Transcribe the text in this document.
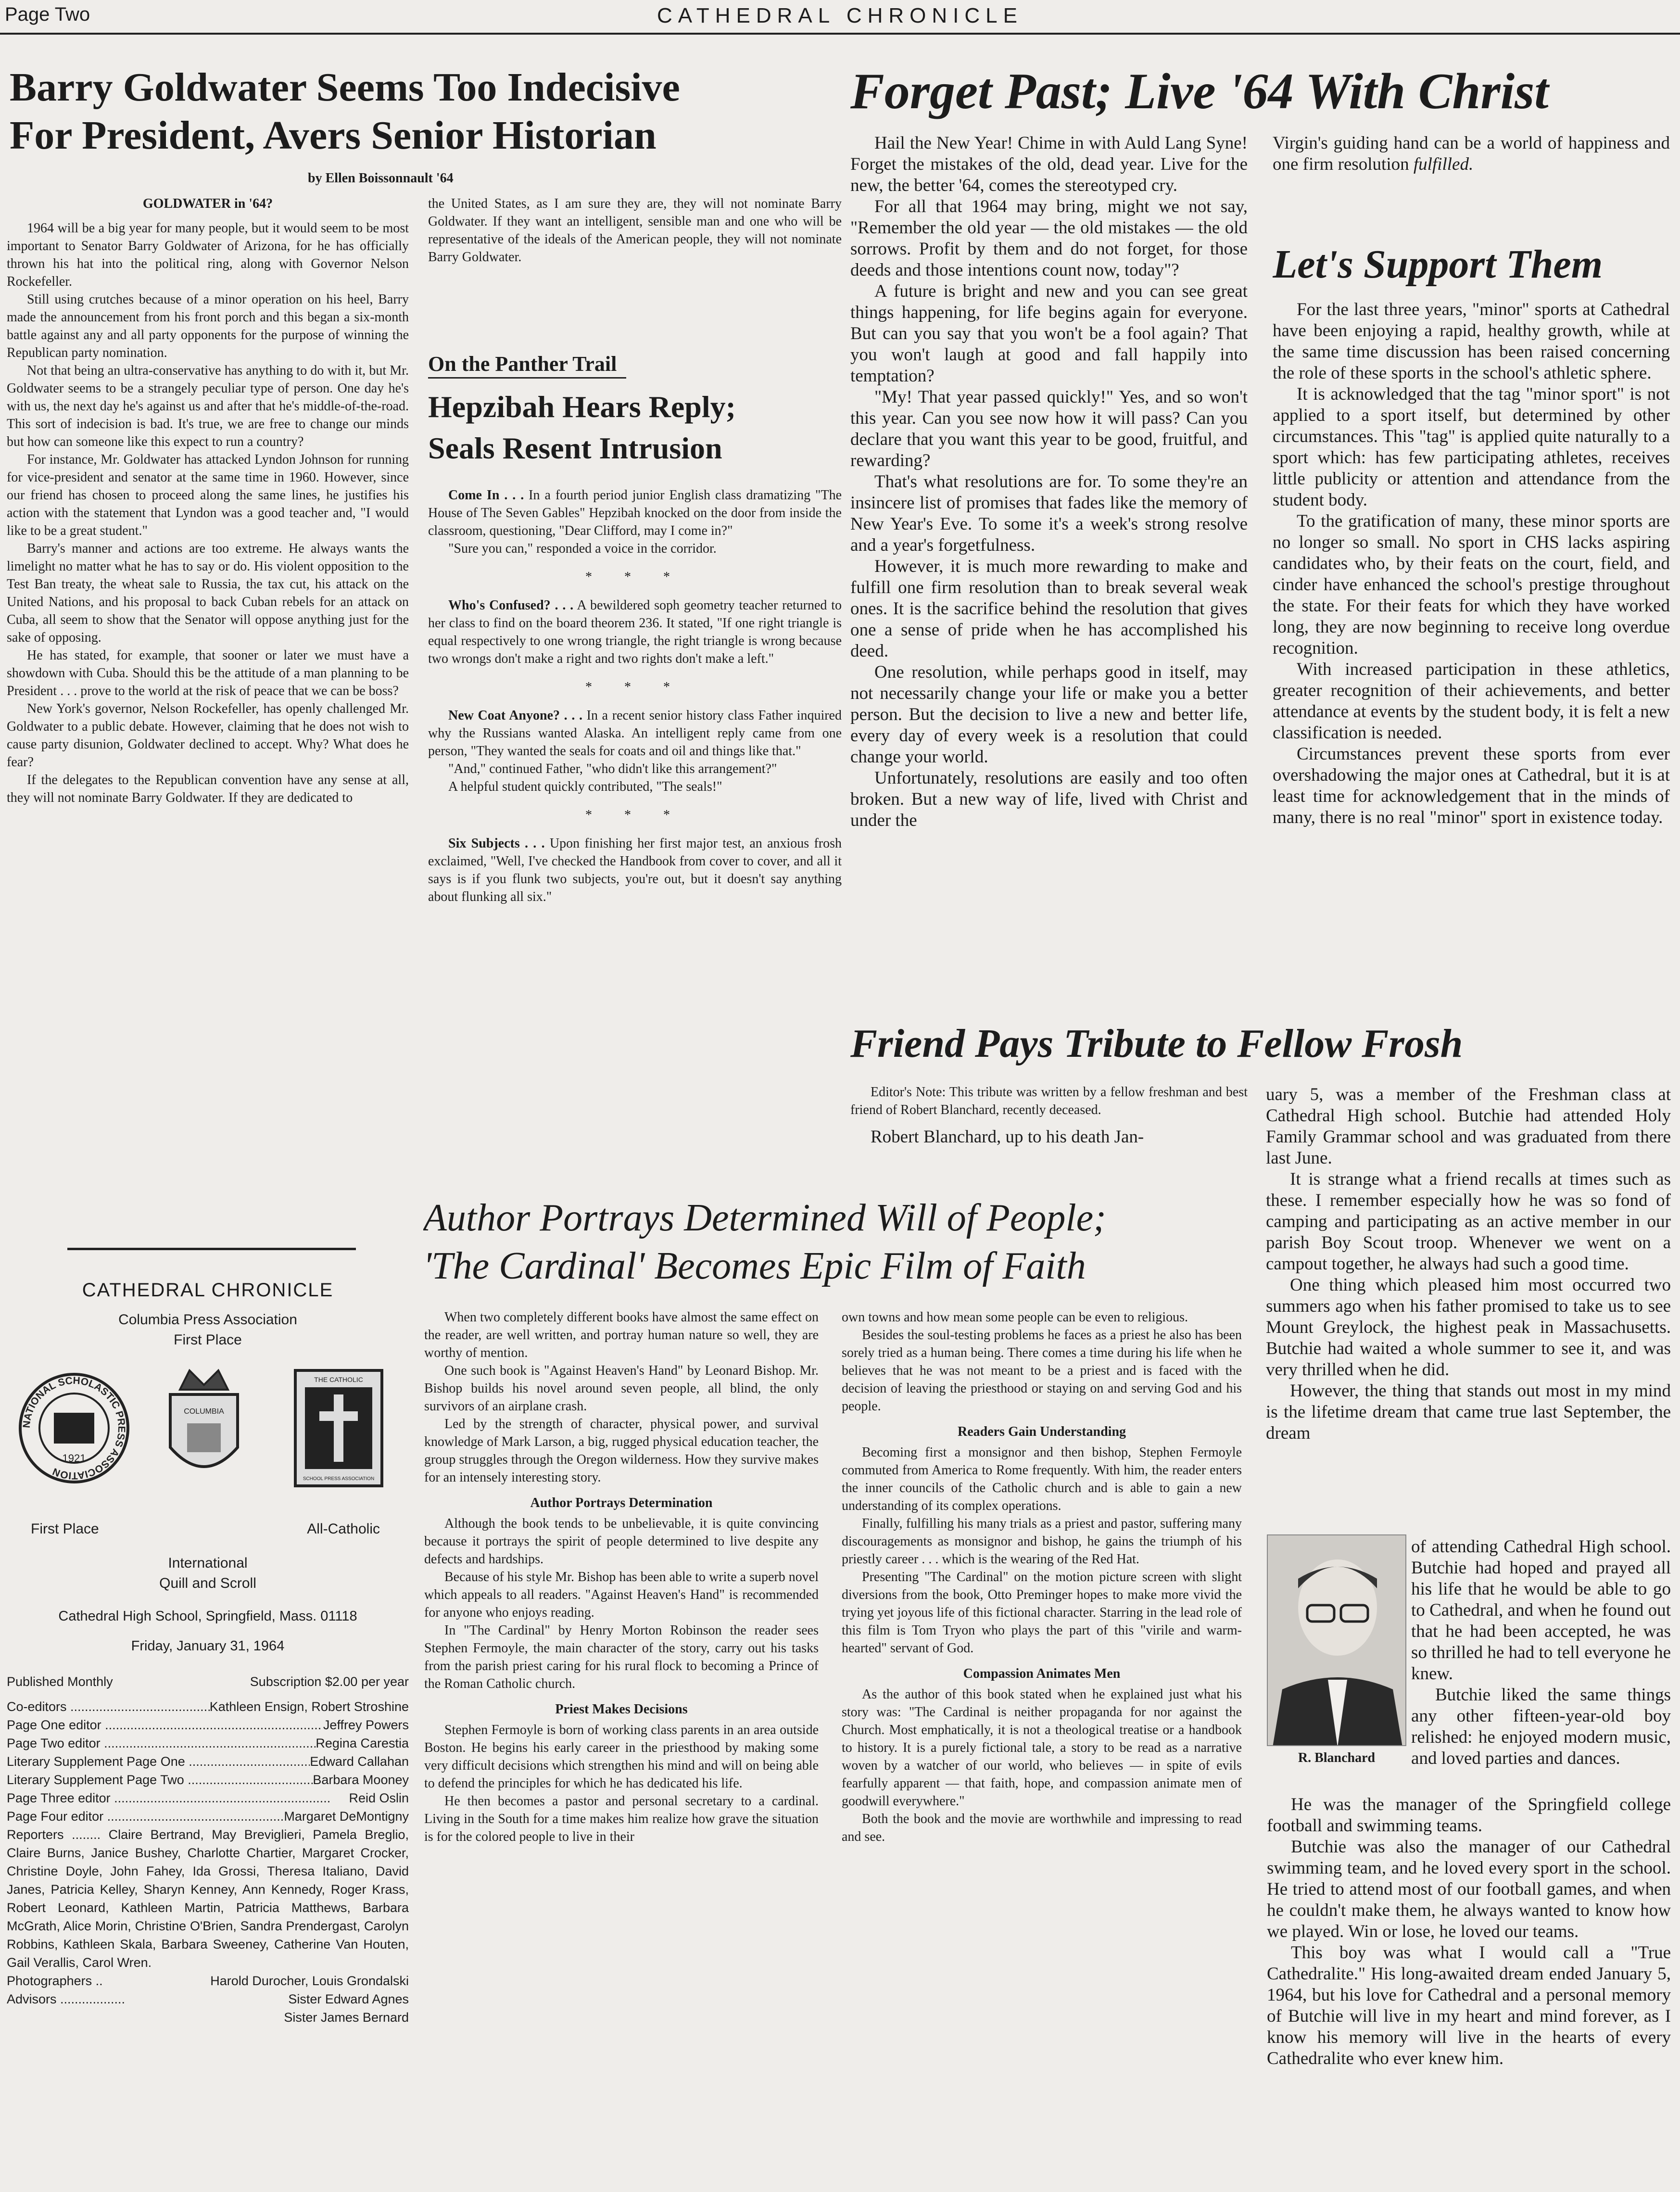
Page Two	CATHEDRAL CHRONICLE
Barry Goldwater Seems Too Indecisive
For President, Avers Senior Historian
by Ellen Boissonnault '64
GOLDWATER in '64?

1964 will be a big year for many people, but it would seem to be most important to Senator Barry Goldwater of Arizona, for he has officially thrown his hat into the political ring, along with Governor Nelson Rockefeller.

Still using crutches because of a minor operation on his heel, Barry made the announcement from his front porch and this began a six-month battle against any and all party opponents for the purpose of winning the Republican party nomination.

Not that being an ultra-conservative has anything to do with it, but Mr. Goldwater seems to be a strangely peculiar type of person. One day he's with us, the next day he's against us and after that he's middle-of-the-road. This sort of indecision is bad. It's true, we are free to change our minds but how can someone like this expect to run a country?

For instance, Mr. Goldwater has attacked Lyndon Johnson for running for vice-president and senator at the same time in 1960. However, since our friend has chosen to proceed along the same lines, he justifies his action with the statement that Lyndon was a good teacher and, "I would like to be a great student."

Barry's manner and actions are too extreme. He always wants the limelight no matter what he has to say or do. His violent opposition to the Test Ban treaty, the wheat sale to Russia, the tax cut, his attack on the United Nations, and his proposal to back Cuban rebels for an attack on Cuba, all seem to show that the Senator will oppose anything just for the sake of opposing.

He has stated, for example, that sooner or later we must have a showdown with Cuba. Should this be the attitude of a man planning to be President . . . prove to the world at the risk of peace that we can be boss?

New York's governor, Nelson Rockefeller, has openly challenged Mr. Goldwater to a public debate. However, claiming that he does not wish to cause party disunion, Goldwater declined to accept. Why? What does he fear?

If the delegates to the Republican convention have any sense at all, they will not nominate Barry Goldwater. If they are dedicated to

the United States, as I am sure they are, they will not nominate Barry Goldwater. If they want an intelligent, sensible man and one who will be representative of the ideals of the American people, they will not nominate Barry Goldwater.

On the Panther Trail
Hepzibah Hears Reply;
Seals Resent Intrusion

Come In . . . In a fourth period junior English class dramatizing "The House of The Seven Gables" Hepzibah knocked on the door from inside the classroom, questioning, "Dear Clifford, may I come in?"

"Sure you can," responded a voice in the corridor.

* * *

Who's Confused? . . . A bewildered soph geometry teacher returned to her class to find on the board theorem 236. It stated, "If one right triangle is equal respectively to one wrong triangle, the right triangle is wrong because two wrongs don't make a right and two rights don't make a left."

* * *

New Coat Anyone? . . . In a recent senior history class Father inquired why the Russians wanted Alaska. An intelligent reply came from one person, "They wanted the seals for coats and oil and things like that."

"And," continued Father, "who didn't like this arrangement?"

A helpful student quickly contributed, "The seals!"

* * *

Six Subjects . . . Upon finishing her first major test, an anxious frosh exclaimed, "Well, I've checked the Handbook from cover to cover, and all it says is if you flunk two subjects, you're out, but it doesn't say anything about flunking all six."

CATHEDRAL CHRONICLE
Columbia Press Association
First Place
NATIONAL SCHOLASTIC PRESS ASSOCIATION
1921
COLUMBIA
THE CATHOLIC
SCHOOL PRESS ASSOCIATION
First Place	All-Catholic
International
Quill and Scroll
Cathedral High School, Springfield, Mass. 01118
Friday, January 31, 1964
Published Monthly	Subscription $2.00 per year
Co-editors .....	Kathleen Ensign, Robert Stroshine
Page One editor .....	Jeffrey Powers
Page Two editor .....	Regina Carestia
Literary Supplement Page One .....	Edward Callahan
Literary Supplement Page Two .....	Barbara Mooney
Page Three editor .....	Reid Oslin
Page Four editor .....	Margaret DeMontigny
Reporters ........ Claire Bertrand, May Breviglieri, Pamela Breglio, Claire Burns, Janice Bushey, Charlotte Chartier, Margaret Crocker, Christine Doyle, John Fahey, Ida Grossi, Theresa Italiano, David Janes, Patricia Kelley, Sharyn Kenney, Ann Kennedy, Roger Krass, Robert Leonard, Kathleen Martin, Patricia Matthews, Barbara McGrath, Alice Morin, Christine O'Brien, Sandra Prendergast, Carolyn Robbins, Kathleen Skala, Barbara Sweeney, Catherine Van Houten, Gail Verallis, Carol Wren.
Photographers ..	Harold Durocher, Louis Grondalski
Advisors ..................	Sister Edward Agnes
Sister James Bernard
Forget Past; Live '64 With Christ

Hail the New Year! Chime in with Auld Lang Syne! Forget the mistakes of the old, dead year. Live for the new, the better '64, comes the stereotyped cry.

For all that 1964 may bring, might we not say, "Remember the old year — the old mistakes — the old sorrows. Profit by them and do not forget, for those deeds and those intentions count now, today"?

A future is bright and new and you can see great things happening, for life begins again for everyone. But can you say that you won't be a fool again? That you won't laugh at good and fall happily into temptation?

"My! That year passed quickly!" Yes, and so won't this year. Can you see now how it will pass? Can you declare that you want this year to be good, fruitful, and rewarding?

That's what resolutions are for. To some they're an insincere list of promises that fades like the memory of New Year's Eve. To some it's a week's strong resolve and a year's forgetfulness.

However, it is much more rewarding to make and fulfill one firm resolution than to break several weak ones. It is the sacrifice behind the resolution that gives one a sense of pride when he has accomplished his deed.

One resolution, while perhaps good in itself, may not necessarily change your life or make you a better person. But the decision to live a new and better life, every day of every week is a resolution that could change your world.

Unfortunately, resolutions are easily and too often broken. But a new way of life, lived with Christ and under the

Virgin's guiding hand can be a world of happiness and one firm resolution fulfilled.

Let's Support Them

For the last three years, "minor" sports at Cathedral have been enjoying a rapid, healthy growth, while at the same time discussion has been raised concerning the role of these sports in the school's athletic sphere.

It is acknowledged that the tag "minor sport" is not applied to a sport itself, but determined by other circumstances. This "tag" is applied quite naturally to a sport which: has few participating athletes, receives little publicity or attention and attendance from the student body.

To the gratification of many, these minor sports are no longer so small. No sport in CHS lacks aspiring candidates who, by their feats on the court, field, and cinder have enhanced the school's prestige throughout the state. For their feats for which they have worked long, they are now beginning to receive long overdue recognition.

With increased participation in these athletics, greater recognition of their achievements, and better attendance at events by the student body, it is felt a new classification is needed.

Circumstances prevent these sports from ever overshadowing the major ones at Cathedral, but it is at least time for acknowledgement that in the minds of many, there is no real "minor" sport in existence today.

Friend Pays Tribute to Fellow Frosh

Editor's Note: This tribute was written by a fellow freshman and best friend of Robert Blanchard, recently deceased.

Robert Blanchard, up to his death Jan-

uary 5, was a member of the Freshman class at Cathedral High school. Butchie had attended Holy Family Grammar school and was graduated from there last June.

It is strange what a friend recalls at times such as these. I remember especially how he was so fond of camping and participating as an active member in our parish Boy Scout troop. Whenever we went on a campout together, he always had such a good time.

One thing which pleased him most occurred two summers ago when his father promised to take us to see Mount Greylock, the highest peak in Massachusetts. Butchie had waited a whole summer to see it, and was very thrilled when he did.

However, the thing that stands out most in my mind is the lifetime dream that came true last September, the dream

R. Blanchard

of attending Cathedral High school. Butchie had hoped and prayed all his life that he would be able to go to Cathedral, and when he found out that he had been accepted, he was so thrilled he had to tell everyone he knew.

Butchie liked the same things any other fifteen-year-old boy relished: he enjoyed modern music, and loved parties and dances.

He was the manager of the Springfield college football and swimming teams.

Butchie was also the manager of our Cathedral swimming team, and he loved every sport in the school. He tried to attend most of our football games, and when he couldn't make them, he always wanted to know how we played. Win or lose, he loved our teams.

This boy was what I would call a "True Cathedralite." His long-awaited dream ended January 5, 1964, but his love for Cathedral and a personal memory of Butchie will live in my heart and mind forever, as I know his memory will live in the hearts of every Cathedralite who ever knew him.

Author Portrays Determined Will of People;
'The Cardinal' Becomes Epic Film of Faith

When two completely different books have almost the same effect on the reader, are well written, and portray human nature so well, they are worthy of mention.

One such book is "Against Heaven's Hand" by Leonard Bishop. Mr. Bishop builds his novel around seven people, all blind, the only survivors of an airplane crash.

Led by the strength of character, physical power, and survival knowledge of Mark Larson, a big, rugged physical education teacher, the group struggles through the Oregon wilderness. How they survive makes for an intensely interesting story.

Author Portrays Determination

Although the book tends to be unbelievable, it is quite convincing because it portrays the spirit of people determined to live despite any defects and hardships.

Because of his style Mr. Bishop has been able to write a superb novel which appeals to all readers. "Against Heaven's Hand" is recommended for anyone who enjoys reading.

In "The Cardinal" by Henry Morton Robinson the reader sees Stephen Fermoyle, the main character of the story, carry out his tasks from the parish priest caring for his rural flock to becoming a Prince of the Roman Catholic church.

Priest Makes Decisions

Stephen Fermoyle is born of working class parents in an area outside Boston. He begins his early career in the priesthood by making some very difficult decisions which strengthen his mind and will on being able to defend the principles for which he has dedicated his life.

He then becomes a pastor and personal secretary to a cardinal. Living in the South for a time makes him realize how grave the situation is for the colored people to live in their

own towns and how mean some people can be even to religious.

Besides the soul-testing problems he faces as a priest he also has been sorely tried as a human being. There comes a time during his life when he believes that he was not meant to be a priest and is faced with the decision of leaving the priesthood or staying on and serving God and his people.

Readers Gain Understanding

Becoming first a monsignor and then bishop, Stephen Fermoyle commuted from America to Rome frequently. With him, the reader enters the inner councils of the Catholic church and is able to gain a new understanding of its complex operations.

Finally, fulfilling his many trials as a priest and pastor, suffering many discouragements as monsignor and bishop, he gains the triumph of his priestly career . . . which is the wearing of the Red Hat.

Presenting "The Cardinal" on the motion picture screen with slight diversions from the book, Otto Preminger hopes to make more vivid the trying yet joyous life of this fictional character. Starring in the lead role of this film is Tom Tryon who plays the part of this "virile and warm-hearted" servant of God.

Compassion Animates Men

As the author of this book stated when he explained just what his story was: "The Cardinal is neither propaganda for nor against the Church. Most emphatically, it is not a theological treatise or a handbook to history. It is a purely fictional tale, a story to be read as a narrative woven by a watcher of our world, who believes — in spite of evils fearfully apparent — that faith, hope, and compassion animate men of goodwill everywhere."

Both the book and the movie are worthwhile and impressing to read and see.
